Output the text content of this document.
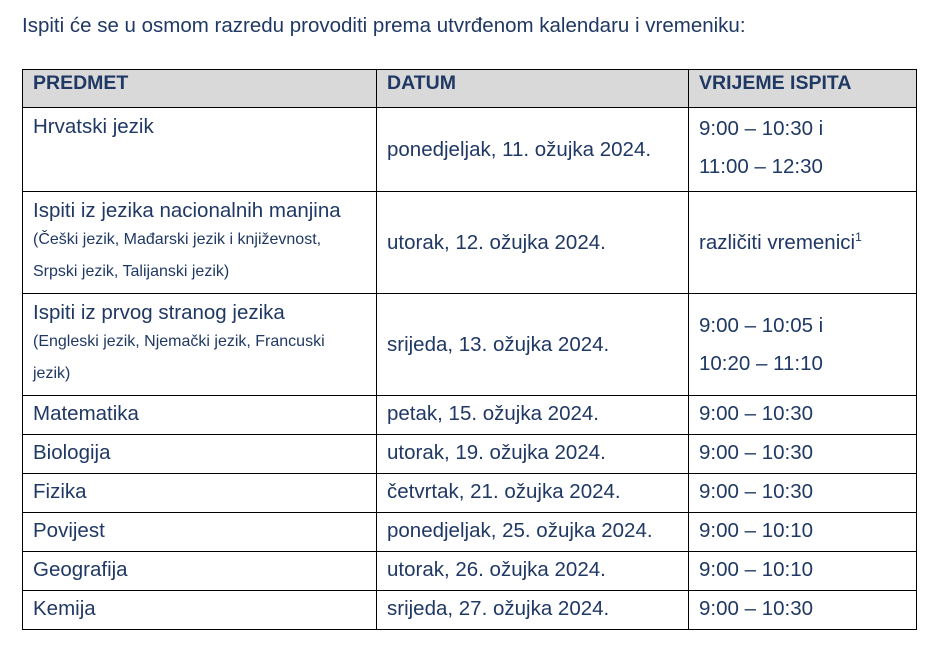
Ispiti će se u osmom razredu provoditi prema utvrđenom kalendaru i vremeniku:
PREDMET	DATUM	VRIJEME ISPITA

Hrvatski jezik	ponedjeljak, 11. ožujka 2024.	9:00 – 10:30 i
11:00 – 12:30

Ispiti iz jezika nacionalnih manjina
(Češki jezik, Mađarski jezik i književnost, Srpski jezik, Talijanski jezik)	utorak, 12. ožujka 2024.	različiti vremenici$^1$

Ispiti iz prvog stranog jezika
(Engleski jezik, Njemački jezik, Francuski jezik)	srijeda, 13. ožujka 2024.	9:00 – 10:05 i
10:20 – 11:10

Matematika	petak, 15. ožujka 2024.	9:00 – 10:30
Biologija	utorak, 19. ožujka 2024.	9:00 – 10:30
Fizika	četvrtak, 21. ožujka 2024.	9:00 – 10:30
Povijest	ponedjeljak, 25. ožujka 2024.	9:00 – 10:10
Geografija	utorak, 26. ožujka 2024.	9:00 – 10:10
Kemija	srijeda, 27. ožujka 2024.	9:00 – 10:30
